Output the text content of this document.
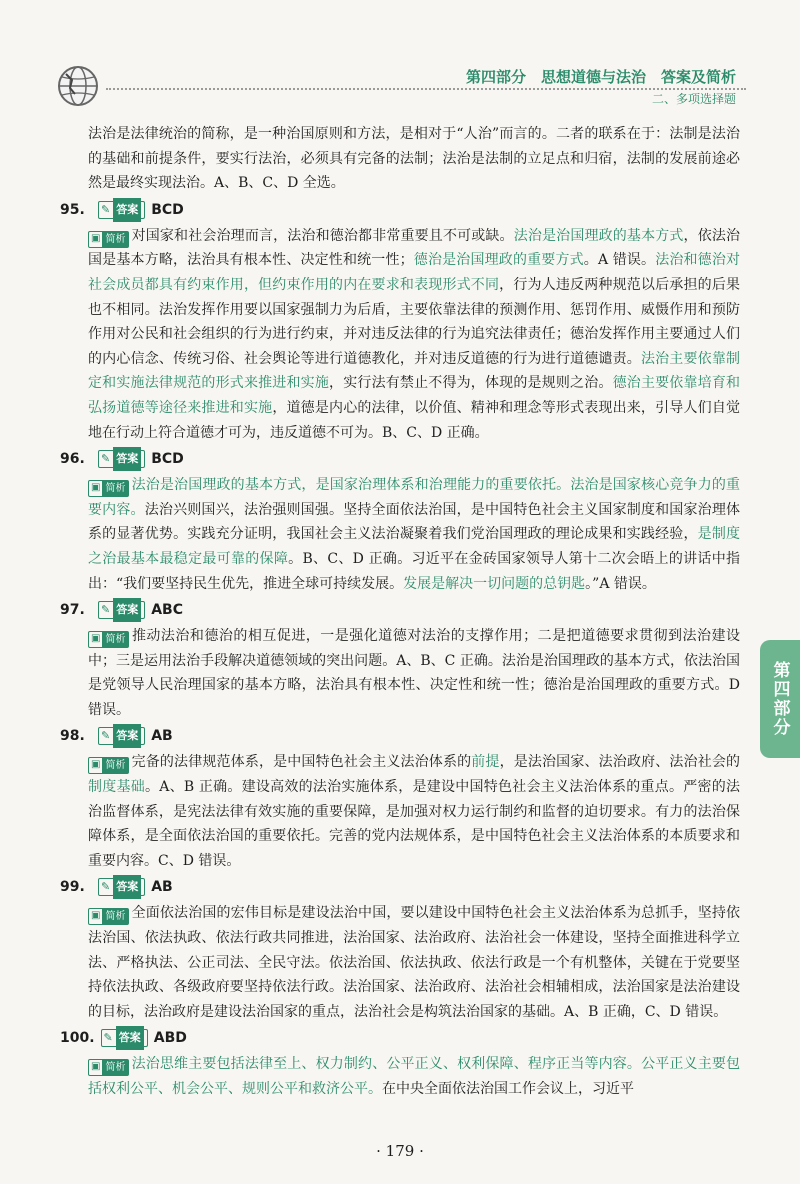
第四部分　思想道德与法治　答案及简析
二、多项选择题

法治是法律统治的简称，是一种治国原则和方法，是相对于“人治”而言的。二者的联系在于：法制是法治的基础和前提条件，要实行法治，必须具有完备的法制；法治是法制的立足点和归宿，法制的发展前途必然是最终实现法治。A、B、C、D 全选。

95.	✎ 答案 BCD

▣ 简析 对国家和社会治理而言，法治和德治都非常重要且不可或缺。法治是治国理政的基本方式，依法治国是基本方略，法治具有根本性、决定性和统一性；德治是治国理政的重要方式。A 错误。法治和德治对社会成员都具有约束作用，但约束作用的内在要求和表现形式不同，行为人违反两种规范以后承担的后果也不相同。法治发挥作用要以国家强制力为后盾，主要依靠法律的预测作用、惩罚作用、威慑作用和预防作用对公民和社会组织的行为进行约束，并对违反法律的行为追究法律责任；德治发挥作用主要通过人们的内心信念、传统习俗、社会舆论等进行道德教化，并对违反道德的行为进行道德谴责。法治主要依靠制定和实施法律规范的形式来推进和实施，实行法有禁止不得为，体现的是规则之治。德治主要依靠培育和弘扬道德等途径来推进和实施，道德是内心的法律，以价值、精神和理念等形式表现出来，引导人们自觉地在行动上符合道德才可为，违反道德不可为。B、C、D 正确。

96.	✎ 答案 BCD

▣ 简析 法治是治国理政的基本方式，是国家治理体系和治理能力的重要依托。法治是国家核心竞争力的重要内容。法治兴则国兴，法治强则国强。坚持全面依法治国，是中国特色社会主义国家制度和国家治理体系的显著优势。实践充分证明，我国社会主义法治凝聚着我们党治国理政的理论成果和实践经验，是制度之治最基本最稳定最可靠的保障。B、C、D 正确。习近平在金砖国家领导人第十二次会晤上的讲话中指出：“我们要坚持民生优先，推进全球可持续发展。发展是解决一切问题的总钥匙。”A 错误。

97.	✎ 答案 ABC

▣ 简析 推动法治和德治的相互促进，一是强化道德对法治的支撑作用；二是把道德要求贯彻到法治建设中；三是运用法治手段解决道德领域的突出问题。A、B、C 正确。法治是治国理政的基本方式，依法治国是党领导人民治理国家的基本方略，法治具有根本性、决定性和统一性；德治是治国理政的重要方式。D 错误。

98.	✎ 答案 AB

▣ 简析 完备的法律规范体系，是中国特色社会主义法治体系的前提，是法治国家、法治政府、法治社会的制度基础。A、B 正确。建设高效的法治实施体系，是建设中国特色社会主义法治体系的重点。严密的法治监督体系，是宪法法律有效实施的重要保障，是加强对权力运行制约和监督的迫切要求。有力的法治保障体系，是全面依法治国的重要依托。完善的党内法规体系，是中国特色社会主义法治体系的本质要求和重要内容。C、D 错误。

99.	✎ 答案 AB

▣ 简析 全面依法治国的宏伟目标是建设法治中国，要以建设中国特色社会主义法治体系为总抓手，坚持依法治国、依法执政、依法行政共同推进，法治国家、法治政府、法治社会一体建设，坚持全面推进科学立法、严格执法、公正司法、全民守法。依法治国、依法执政、依法行政是一个有机整体，关键在于党要坚持依法执政、各级政府要坚持依法行政。法治国家、法治政府、法治社会相辅相成，法治国家是法治建设的目标，法治政府是建设法治国家的重点，法治社会是构筑法治国家的基础。A、B 正确，C、D 错误。

100. ✎ 答案 ABD

▣ 简析 法治思维主要包括法律至上、权力制约、公平正义、权利保障、程序正当等内容。公平正义主要包括权利公平、机会公平、规则公平和救济公平。在中央全面依法治国工作会议上，习近平

第四部分
· 179 ·
